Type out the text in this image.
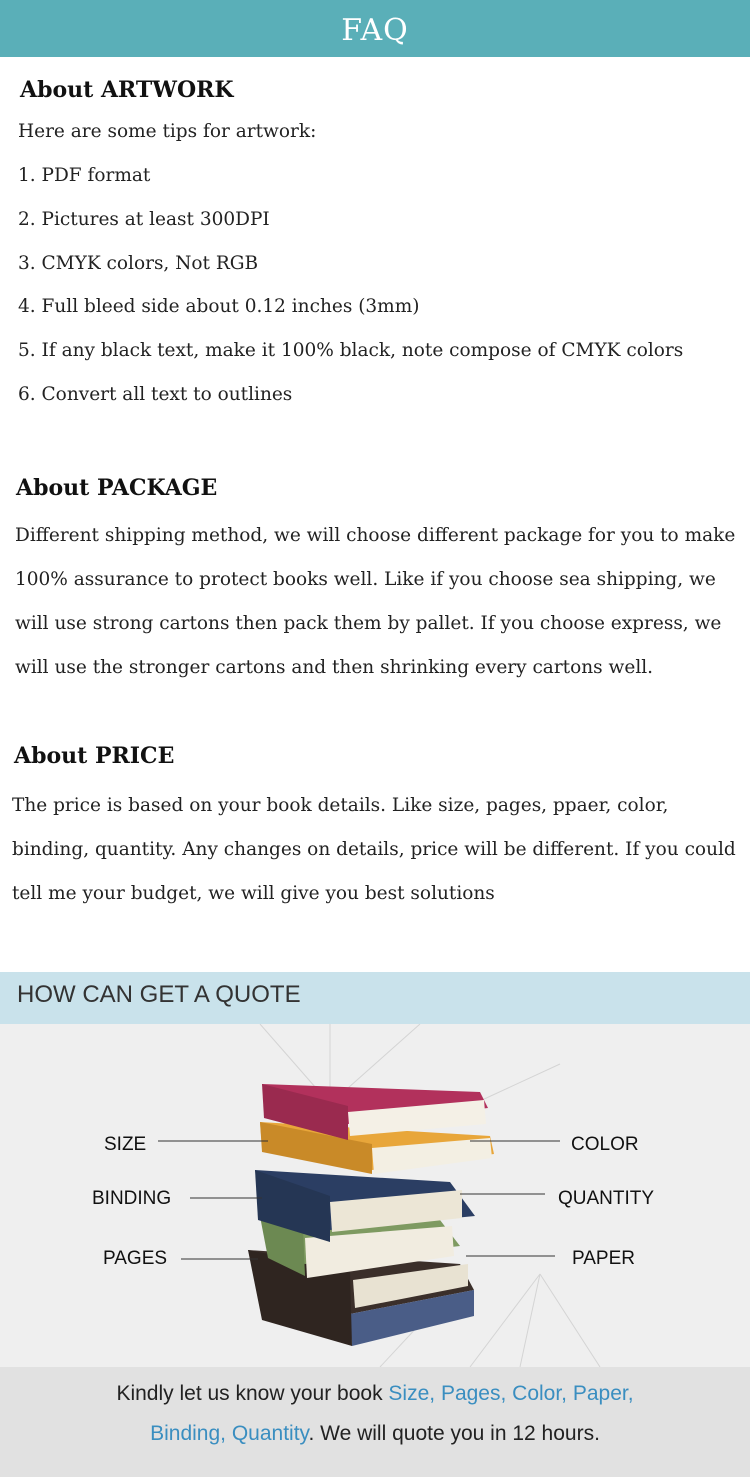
FAQ
About ARTWORK
Here are some tips for artwork:
1. PDF format
2. Pictures at least 300DPI
3. CMYK colors, Not RGB
4. Full bleed side about 0.12 inches (3mm)
5. If any black text, make it 100% black, note compose of CMYK colors
6. Convert all text to outlines
About PACKAGE
Different shipping method, we will choose different package for you to make 100% assurance to protect books well. Like if you choose sea shipping, we will use strong cartons then pack them by pallet. If you choose express, we will use the stronger cartons and then shrinking every cartons well.
About PRICE
The price is based on your book details. Like size, pages, ppaer, color, binding, quantity. Any changes on details, price will be different. If you could tell me your budget, we will give you best solutions
HOW CAN GET A QUOTE
SIZE
BINDING
PAGES
COLOR
QUANTITY
PAPER
Kindly let us know your book Size, Pages, Color, Paper,
Binding, Quantity. We will quote you in 12 hours.
